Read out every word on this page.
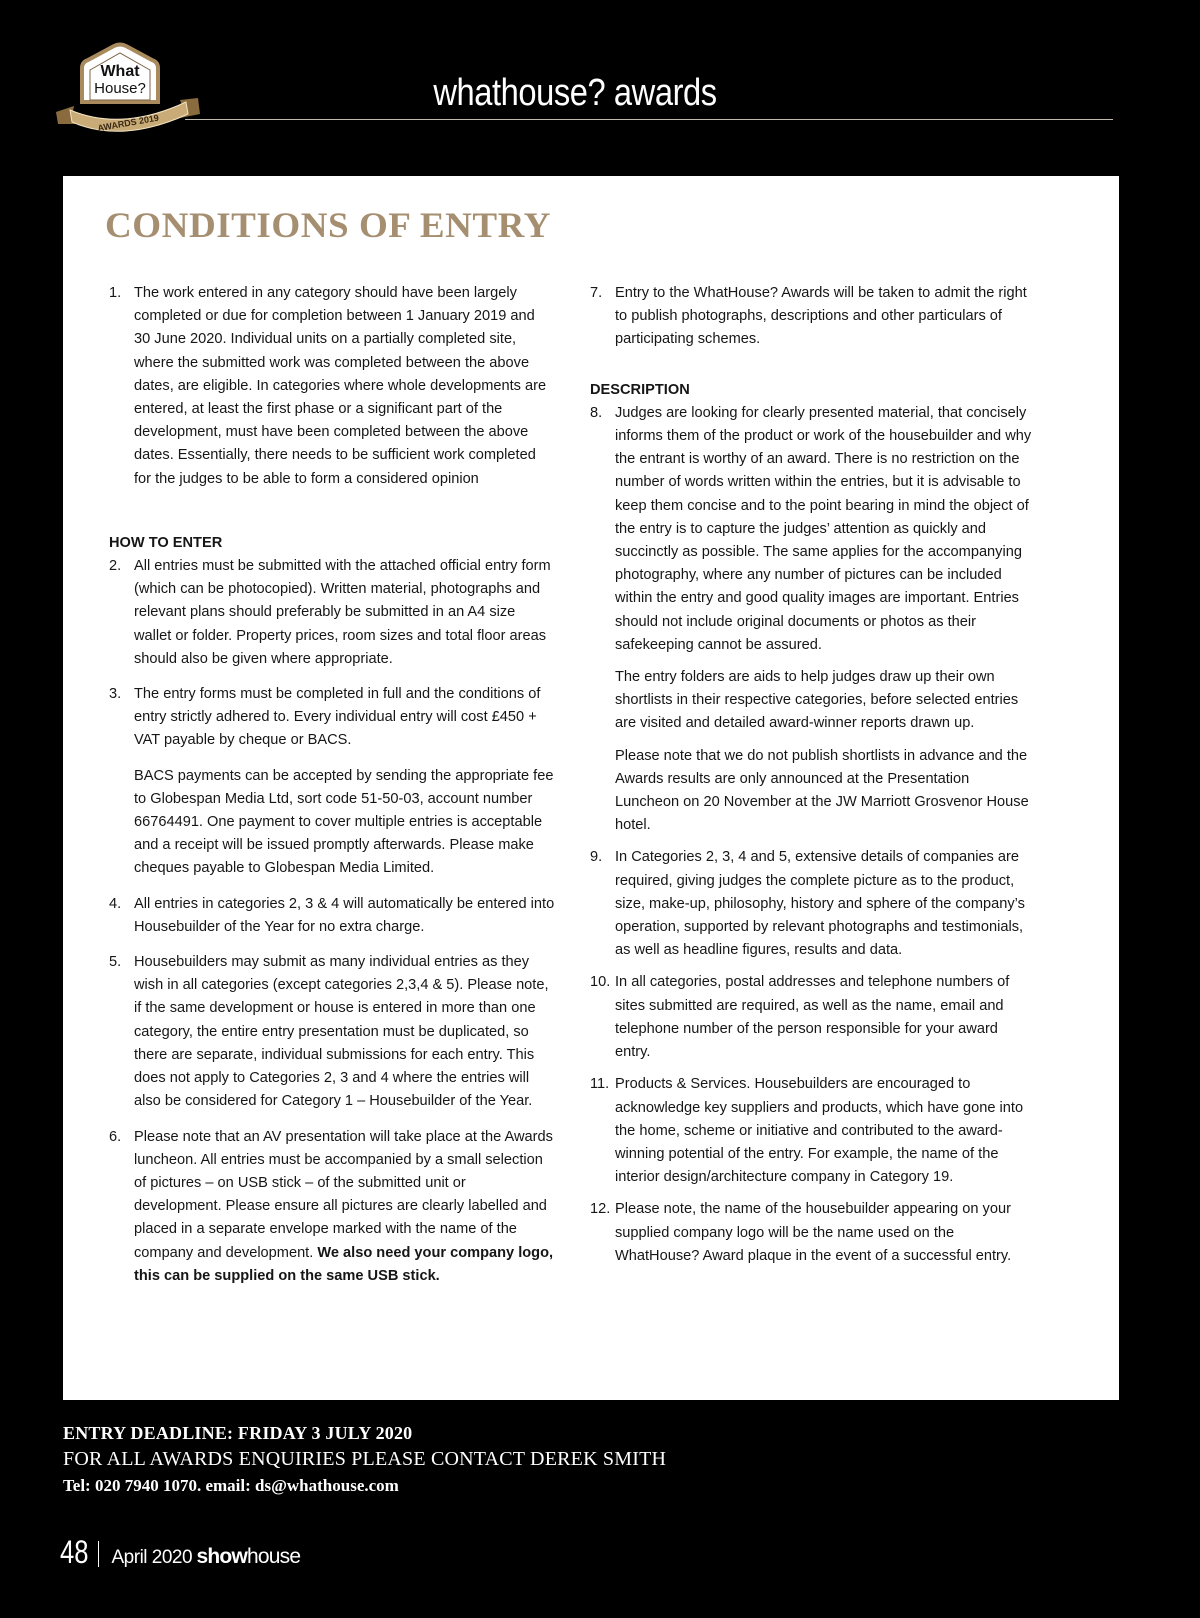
What
House?
AWARDS 2019
whathouse? awards
CONDITIONS OF ENTRY
1. The work entered in any category should have been largely completed or due for completion between 1 January 2019 and 30 June 2020. Individual units on a partially completed site, where the submitted work was completed between the above dates, are eligible. In categories where whole developments are entered, at least the first phase or a significant part of the development, must have been completed between the above dates. Essentially, there needs to be sufficient work completed for the judges to be able to form a considered opinion
HOW TO ENTER
2. All entries must be submitted with the attached official entry form (which can be photocopied). Written material, photographs and relevant plans should preferably be submitted in an A4 size wallet or folder. Property prices, room sizes and total floor areas should also be given where appropriate.
3. The entry forms must be completed in full and the conditions of entry strictly adhered to. Every individual entry will cost £450 + VAT payable by cheque or BACS.
BACS payments can be accepted by sending the appropriate fee to Globespan Media Ltd, sort code 51-50-03, account number 66764491. One payment to cover multiple entries is acceptable and a receipt will be issued promptly afterwards. Please make cheques payable to Globespan Media Limited.
4. All entries in categories 2, 3 & 4 will automatically be entered into Housebuilder of the Year for no extra charge.
5. Housebuilders may submit as many individual entries as they wish in all categories (except categories 2,3,4 & 5). Please note, if the same development or house is entered in more than one category, the entire entry presentation must be duplicated, so there are separate, individual submissions for each entry. This does not apply to Categories 2, 3 and 4 where the entries will also be considered for Category 1 – Housebuilder of the Year.
6. Please note that an AV presentation will take place at the Awards luncheon. All entries must be accompanied by a small selection of pictures – on USB stick – of the submitted unit or development. Please ensure all pictures are clearly labelled and placed in a separate envelope marked with the name of the company and development. We also need your company logo, this can be supplied on the same USB stick.
7. Entry to the WhatHouse? Awards will be taken to admit the right to publish photographs, descriptions and other particulars of participating schemes.
DESCRIPTION
8. Judges are looking for clearly presented material, that concisely informs them of the product or work of the housebuilder and why the entrant is worthy of an award. There is no restriction on the number of words written within the entries, but it is advisable to keep them concise and to the point bearing in mind the object of the entry is to capture the judges’ attention as quickly and succinctly as possible. The same applies for the accompanying photography, where any number of pictures can be included within the entry and good quality images are important. Entries should not include original documents or photos as their safekeeping cannot be assured.
The entry folders are aids to help judges draw up their own shortlists in their respective categories, before selected entries are visited and detailed award-winner reports drawn up.
Please note that we do not publish shortlists in advance and the Awards results are only announced at the Presentation Luncheon on 20 November at the JW Marriott Grosvenor House hotel.
9. In Categories 2, 3, 4 and 5, extensive details of companies are required, giving judges the complete picture as to the product, size, make-up, philosophy, history and sphere of the company’s operation, supported by relevant photographs and testimonials, as well as headline figures, results and data.
10. In all categories, postal addresses and telephone numbers of sites submitted are required, as well as the name, email and telephone number of the person responsible for your award entry.
11. Products & Services. Housebuilders are encouraged to acknowledge key suppliers and products, which have gone into the home, scheme or initiative and contributed to the award-winning potential of the entry. For example, the name of the interior design/architecture company in Category 19.
12. Please note, the name of the housebuilder appearing on your supplied company logo will be the name used on the WhatHouse? Award plaque in the event of a successful entry.
ENTRY DEADLINE: FRIDAY 3 JULY 2020
FOR ALL AWARDS ENQUIRIES PLEASE CONTACT DEREK SMITH
Tel: 020 7940 1070. email: ds@whathouse.com
48 April 2020 showhouse
